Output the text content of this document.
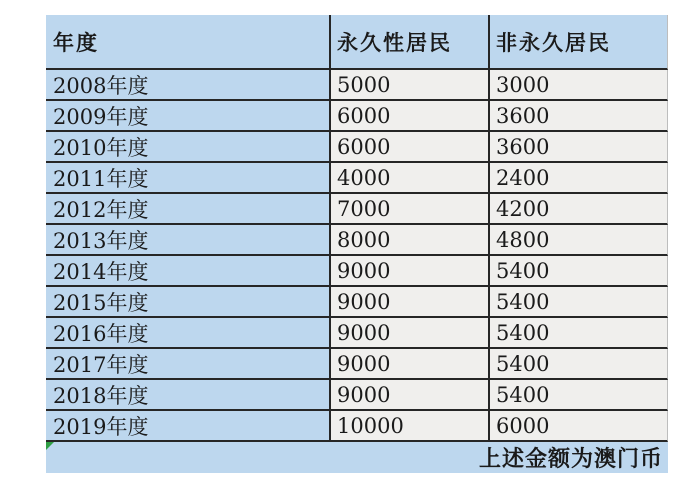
年度	永久性居民 非永久居民
2008年度	5000	3000
2009年度	6000	3600
2010年度	6000	3600
2011年度	4000	2400
2012年度	7000	4200
2013年度	8000	4800
2014年度	9000	5400
2015年度	9000	5400
2016年度	9000	5400
2017年度	9000	5400
2018年度	9000	5400
2019年度	10000	6000
上述金额为澳门币
